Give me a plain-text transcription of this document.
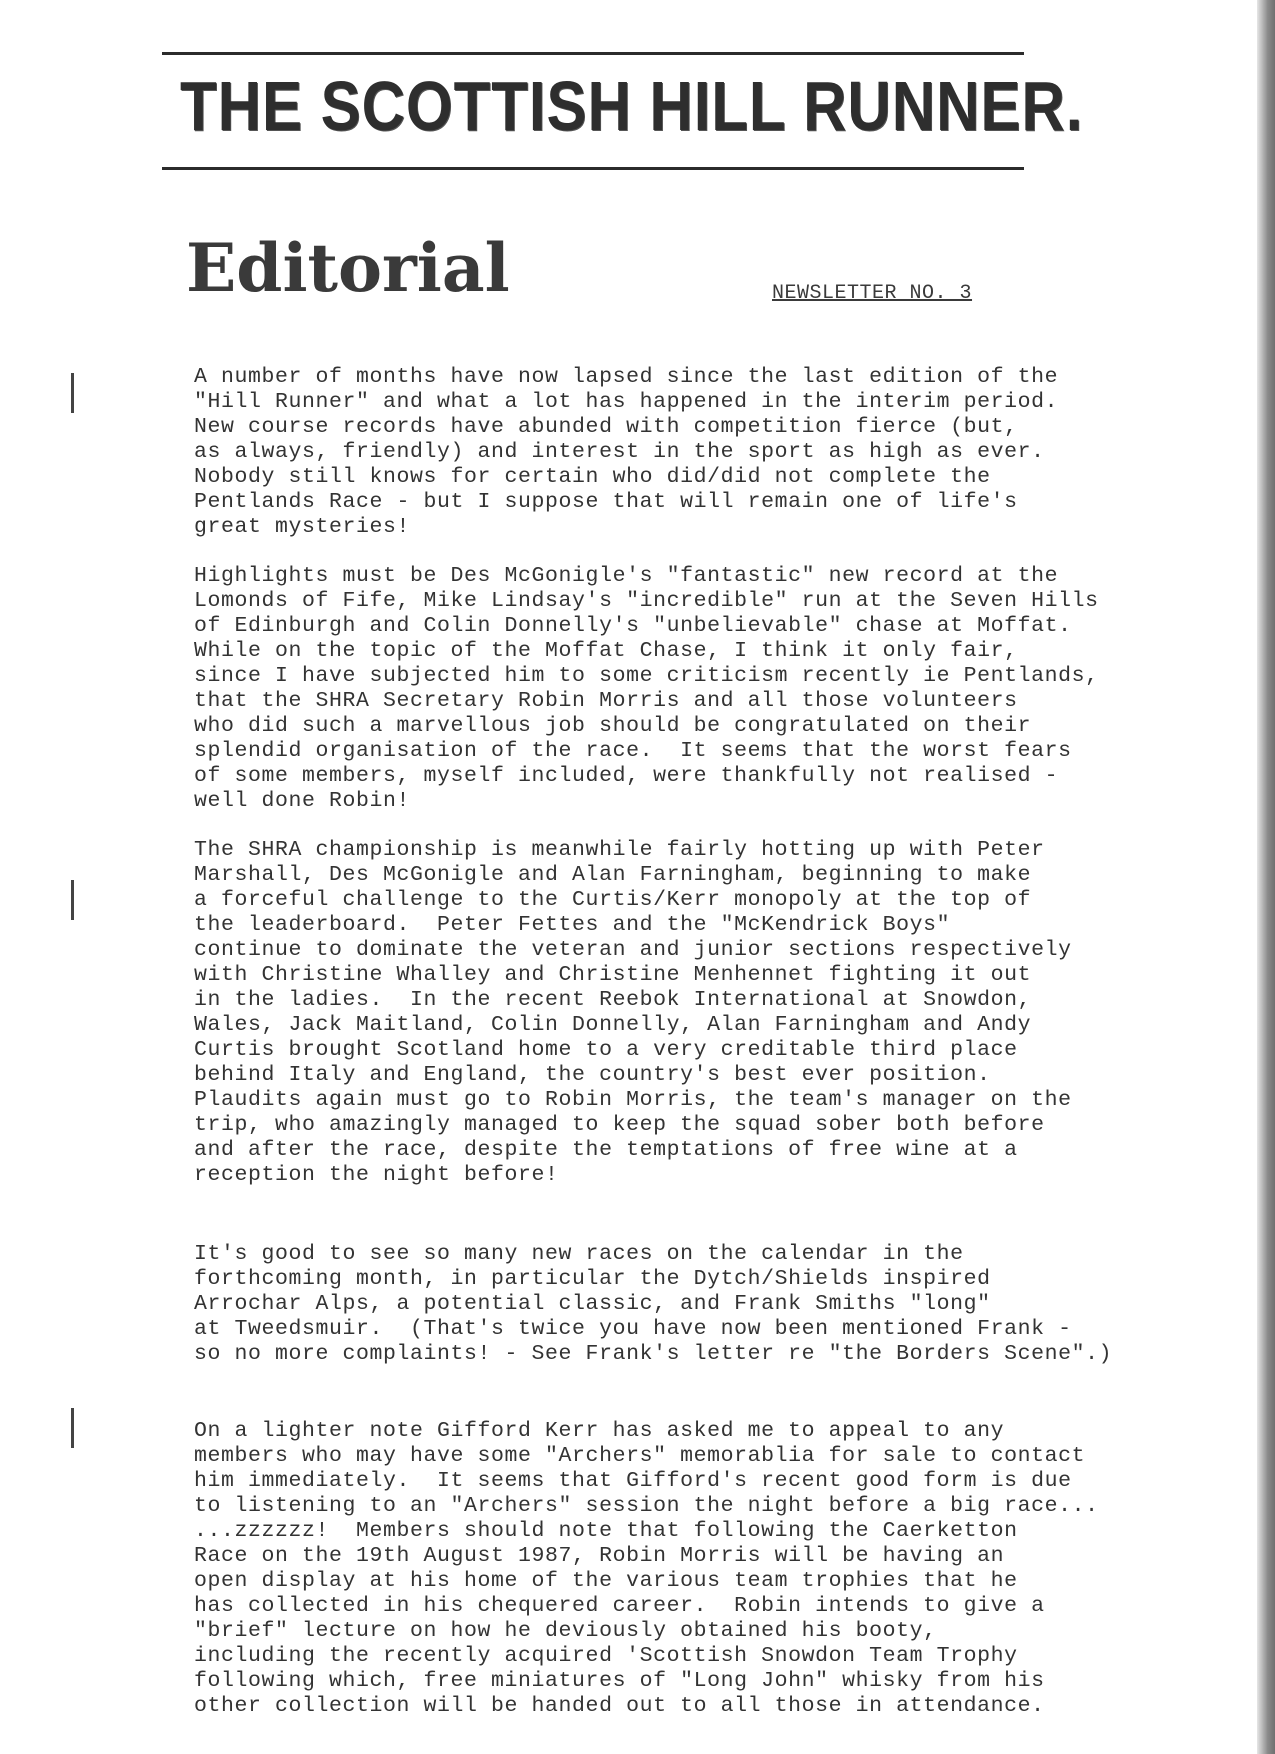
THE SCOTTISH HILL RUNNER.
Editorial	NEWSLETTER NO. 3
A number of months have now lapsed since the last edition of the
"Hill Runner" and what a lot has happened in the interim period.
New course records have abunded with competition fierce (but,
as always, friendly) and interest in the sport as high as ever.
Nobody still knows for certain who did/did not complete the
Pentlands Race - but I suppose that will remain one of life's
great mysteries!
Highlights must be Des McGonigle's "fantastic" new record at the
Lomonds of Fife, Mike Lindsay's "incredible" run at the Seven Hills
of Edinburgh and Colin Donnelly's "unbelievable" chase at Moffat.
While on the topic of the Moffat Chase, I think it only fair,
since I have subjected him to some criticism recently ie Pentlands,
that the SHRA Secretary Robin Morris and all those volunteers
who did such a marvellous job should be congratulated on their
splendid organisation of the race.  It seems that the worst fears
of some members, myself included, were thankfully not realised -
well done Robin!
The SHRA championship is meanwhile fairly hotting up with Peter
Marshall, Des McGonigle and Alan Farningham, beginning to make
a forceful challenge to the Curtis/Kerr monopoly at the top of
the leaderboard.  Peter Fettes and the "McKendrick Boys"
continue to dominate the veteran and junior sections respectively
with Christine Whalley and Christine Menhennet fighting it out
in the ladies.  In the recent Reebok International at Snowdon,
Wales, Jack Maitland, Colin Donnelly, Alan Farningham and Andy
Curtis brought Scotland home to a very creditable third place
behind Italy and England, the country's best ever position.
Plaudits again must go to Robin Morris, the team's manager on the
trip, who amazingly managed to keep the squad sober both before
and after the race, despite the temptations of free wine at a
reception the night before!
It's good to see so many new races on the calendar in the
forthcoming month, in particular the Dytch/Shields inspired
Arrochar Alps, a potential classic, and Frank Smiths "long"
at Tweedsmuir.  (That's twice you have now been mentioned Frank -
so no more complaints! - See Frank's letter re "the Borders Scene".)
On a lighter note Gifford Kerr has asked me to appeal to any
members who may have some "Archers" memorablia for sale to contact
him immediately.  It seems that Gifford's recent good form is due
to listening to an "Archers" session the night before a big race...
...zzzzzz!  Members should note that following the Caerketton
Race on the 19th August 1987, Robin Morris will be having an
open display at his home of the various team trophies that he
has collected in his chequered career.  Robin intends to give a
"brief" lecture on how he deviously obtained his booty,
including the recently acquired 'Scottish Snowdon Team Trophy
following which, free miniatures of "Long John" whisky from his
other collection will be handed out to all those in attendance.
